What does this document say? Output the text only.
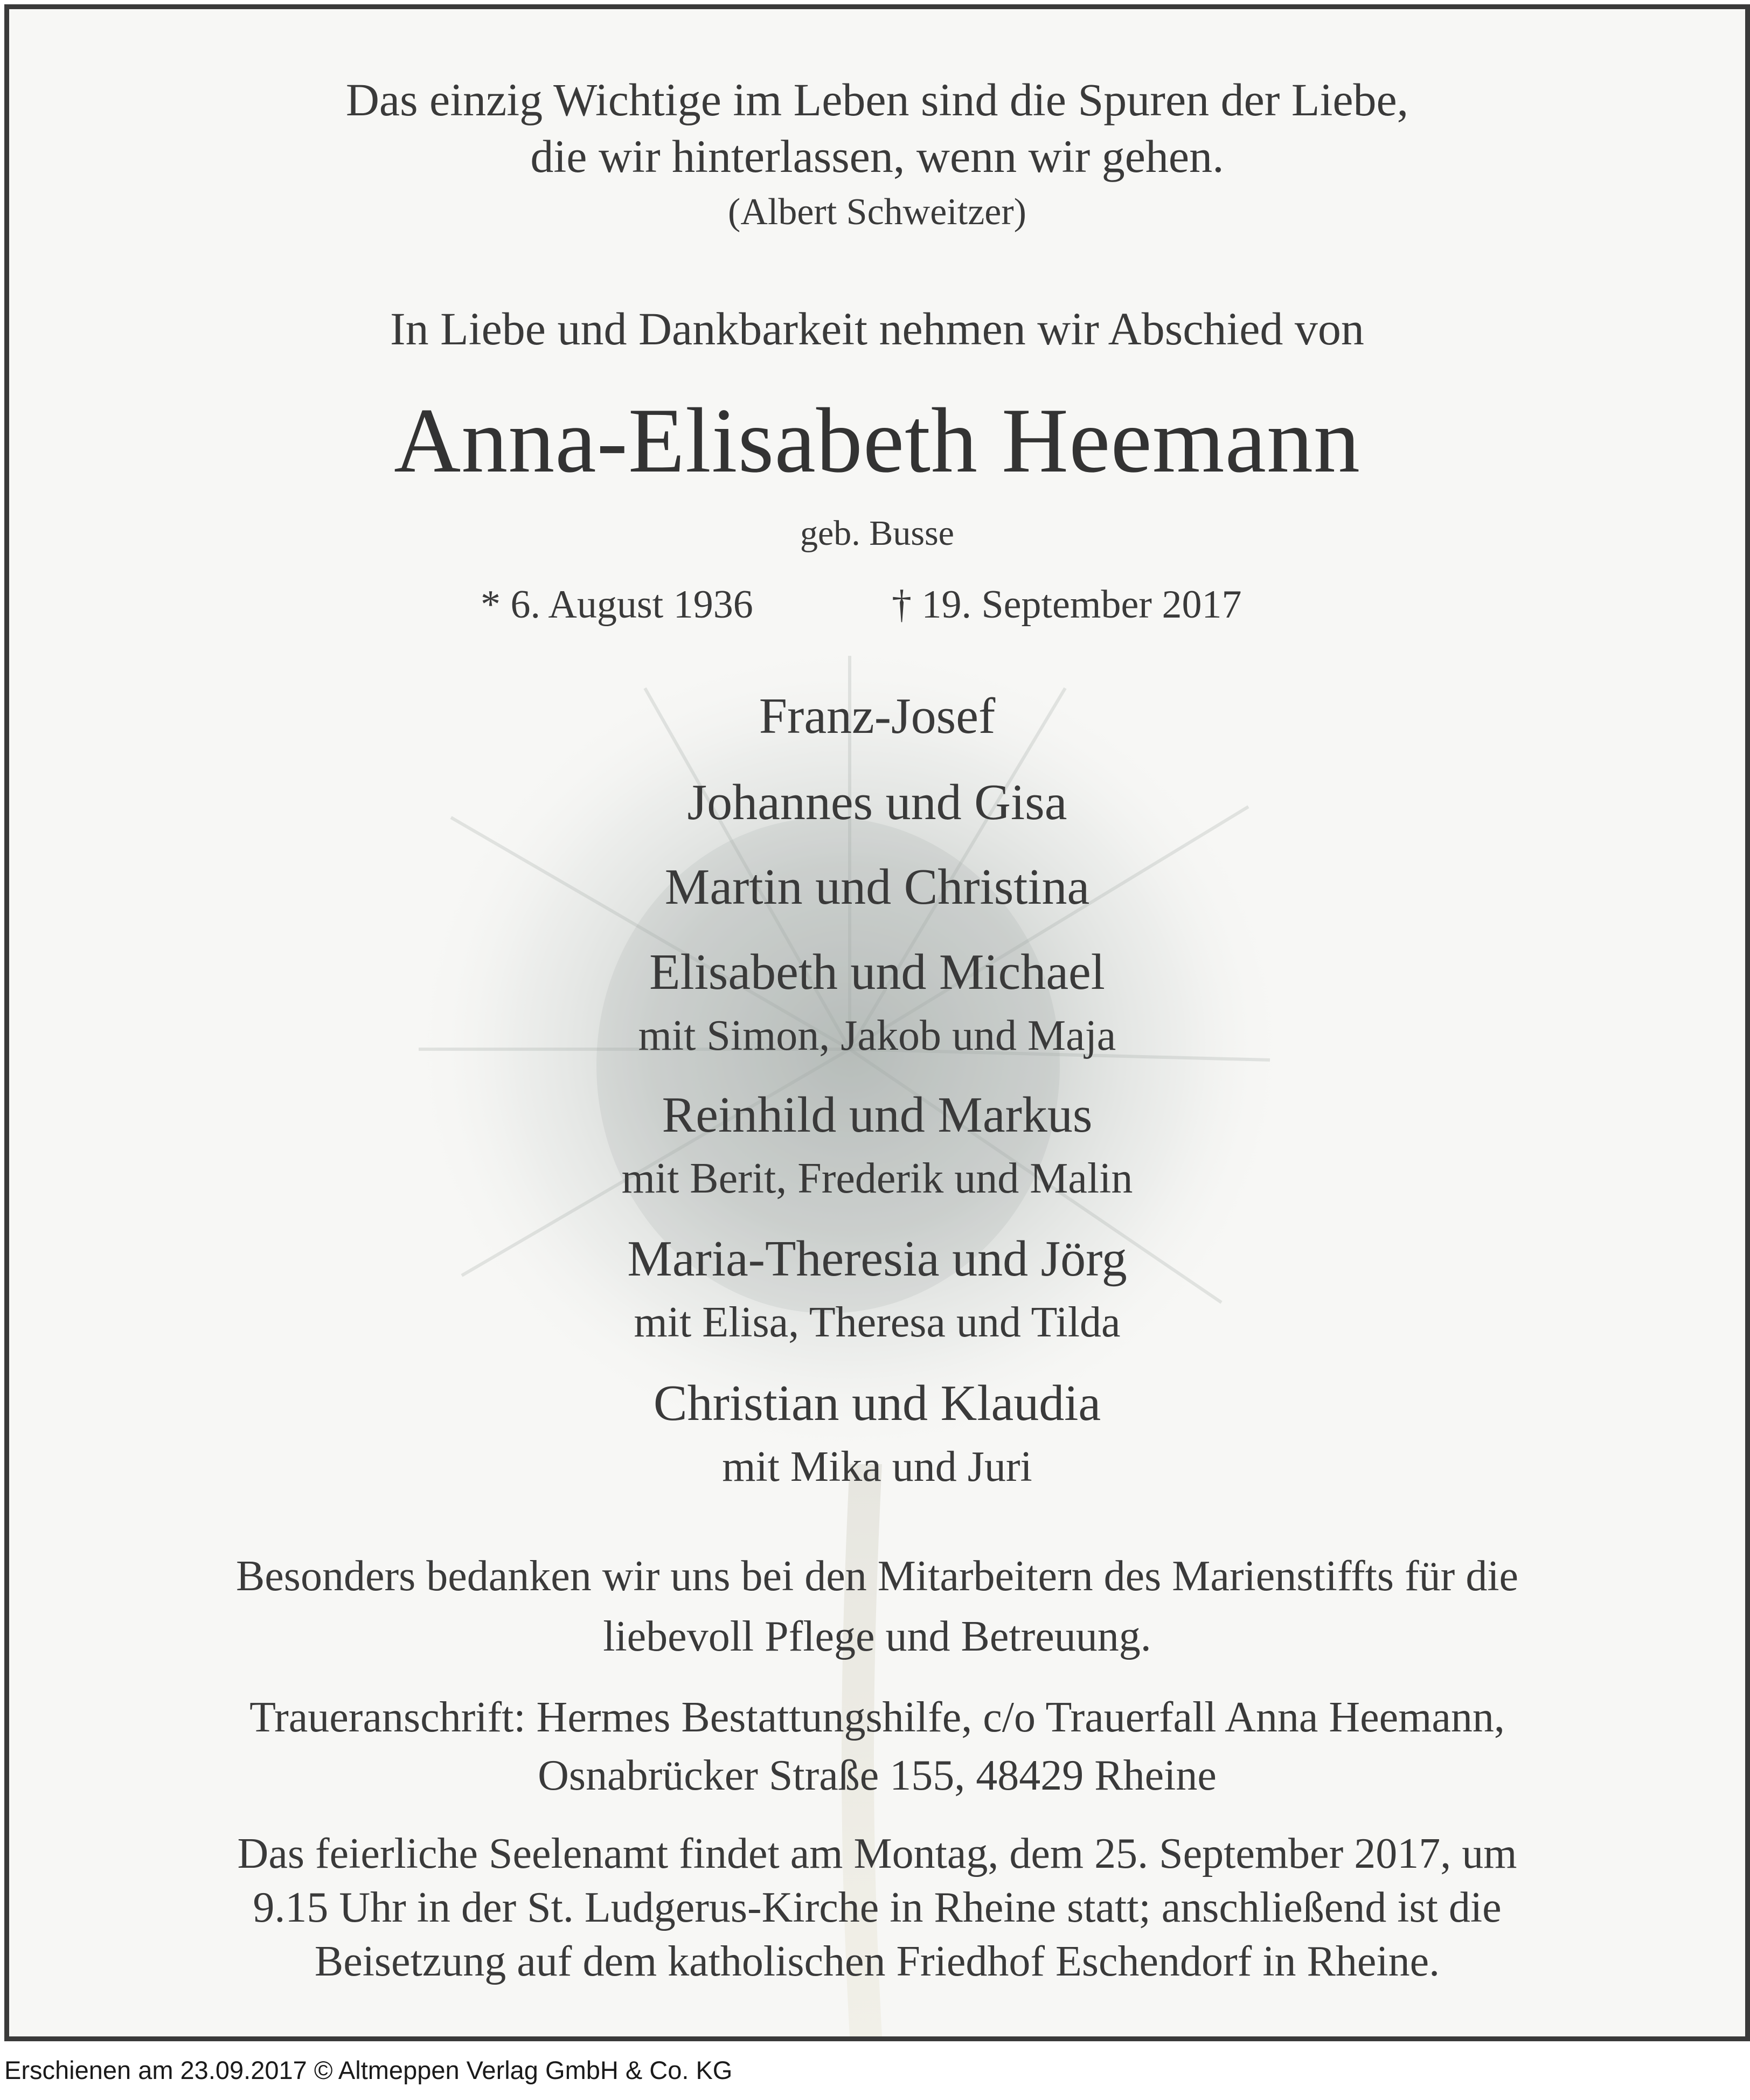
Das einzig Wichtige im Leben sind die Spuren der Liebe,
die wir hinterlassen, wenn wir gehen.
(Albert Schweitzer)
In Liebe und Dankbarkeit nehmen wir Abschied von
Anna-Elisabeth Heemann
geb. Busse
* 6. August 1936	† 19. September 2017
Franz-Josef
Johannes und Gisa
Martin und Christina
Elisabeth und Michael
mit Simon, Jakob und Maja
Reinhild und Markus
mit Berit, Frederik und Malin
Maria-Theresia und Jörg
mit Elisa, Theresa und Tilda
Christian und Klaudia
mit Mika und Juri
Besonders bedanken wir uns bei den Mitarbeitern des Marienstiffts für die
liebevoll Pflege und Betreuung.
Traueranschrift: Hermes Bestattungshilfe, c/o Trauerfall Anna Heemann,
Osnabrücker Straße 155, 48429 Rheine
Das feierliche Seelenamt findet am Montag, dem 25. September 2017, um
9.15 Uhr in der St. Ludgerus-Kirche in Rheine statt; anschließend ist die
Beisetzung auf dem katholischen Friedhof Eschendorf in Rheine.
Erschienen am 23.09.2017 © Altmeppen Verlag GmbH & Co. KG
